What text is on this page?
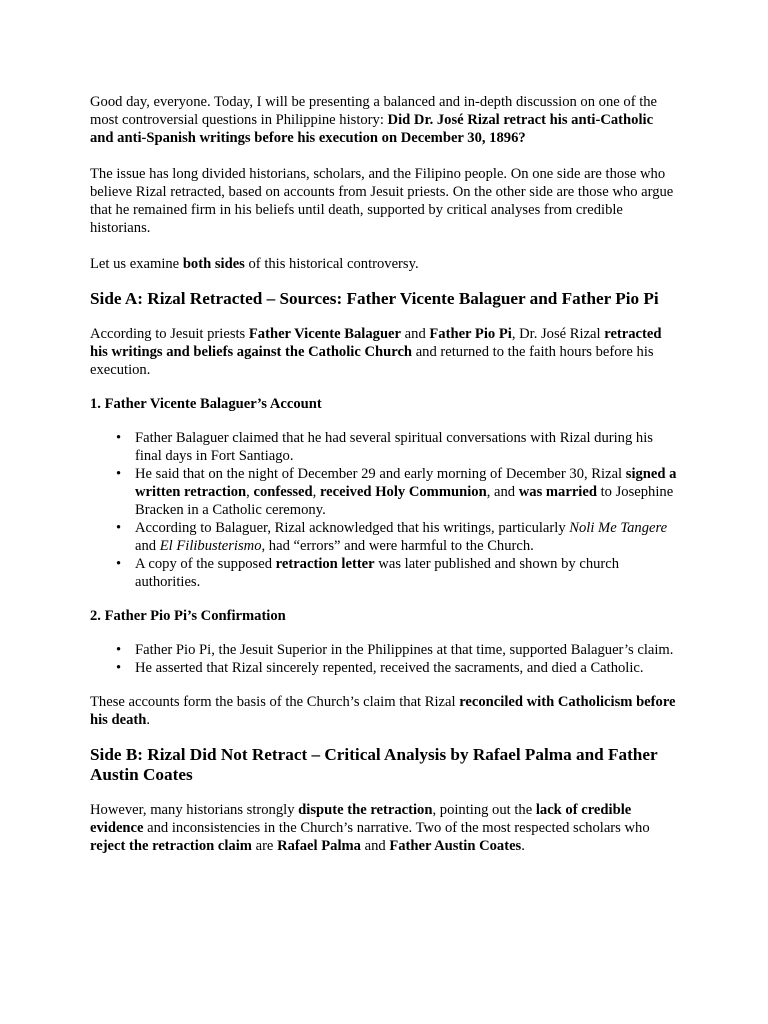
Good day, everyone. Today, I will be presenting a balanced and in-depth discussion on one of the most controversial questions in Philippine history: Did Dr. José Rizal retract his anti-Catholic and anti-Spanish writings before his execution on December 30, 1896?

The issue has long divided historians, scholars, and the Filipino people. On one side are those who believe Rizal retracted, based on accounts from Jesuit priests. On the other side are those who argue that he remained firm in his beliefs until death, supported by critical analyses from credible historians.

Let us examine both sides of this historical controversy.

Side A: Rizal Retracted – Sources: Father Vicente Balaguer and Father Pio Pi

According to Jesuit priests Father Vicente Balaguer and Father Pio Pi, Dr. José Rizal retracted his writings and beliefs against the Catholic Church and returned to the faith hours before his execution.

1. Father Vicente Balaguer’s Account
• Father Balaguer claimed that he had several spiritual conversations with Rizal during his final days in Fort Santiago.
• He said that on the night of December 29 and early morning of December 30, Rizal signed a written retraction, confessed, received Holy Communion, and was married to Josephine Bracken in a Catholic ceremony.
• According to Balaguer, Rizal acknowledged that his writings, particularly Noli Me Tangere and El Filibusterismo, had “errors” and were harmful to the Church.
• A copy of the supposed retraction letter was later published and shown by church authorities.
2. Father Pio Pi’s Confirmation
• Father Pio Pi, the Jesuit Superior in the Philippines at that time, supported Balaguer’s claim.
• He asserted that Rizal sincerely repented, received the sacraments, and died a Catholic.

These accounts form the basis of the Church’s claim that Rizal reconciled with Catholicism before his death.

Side B: Rizal Did Not Retract – Critical Analysis by Rafael Palma and Father Austin Coates

However, many historians strongly dispute the retraction, pointing out the lack of credible evidence and inconsistencies in the Church’s narrative. Two of the most respected scholars who reject the retraction claim are Rafael Palma and Father Austin Coates.
